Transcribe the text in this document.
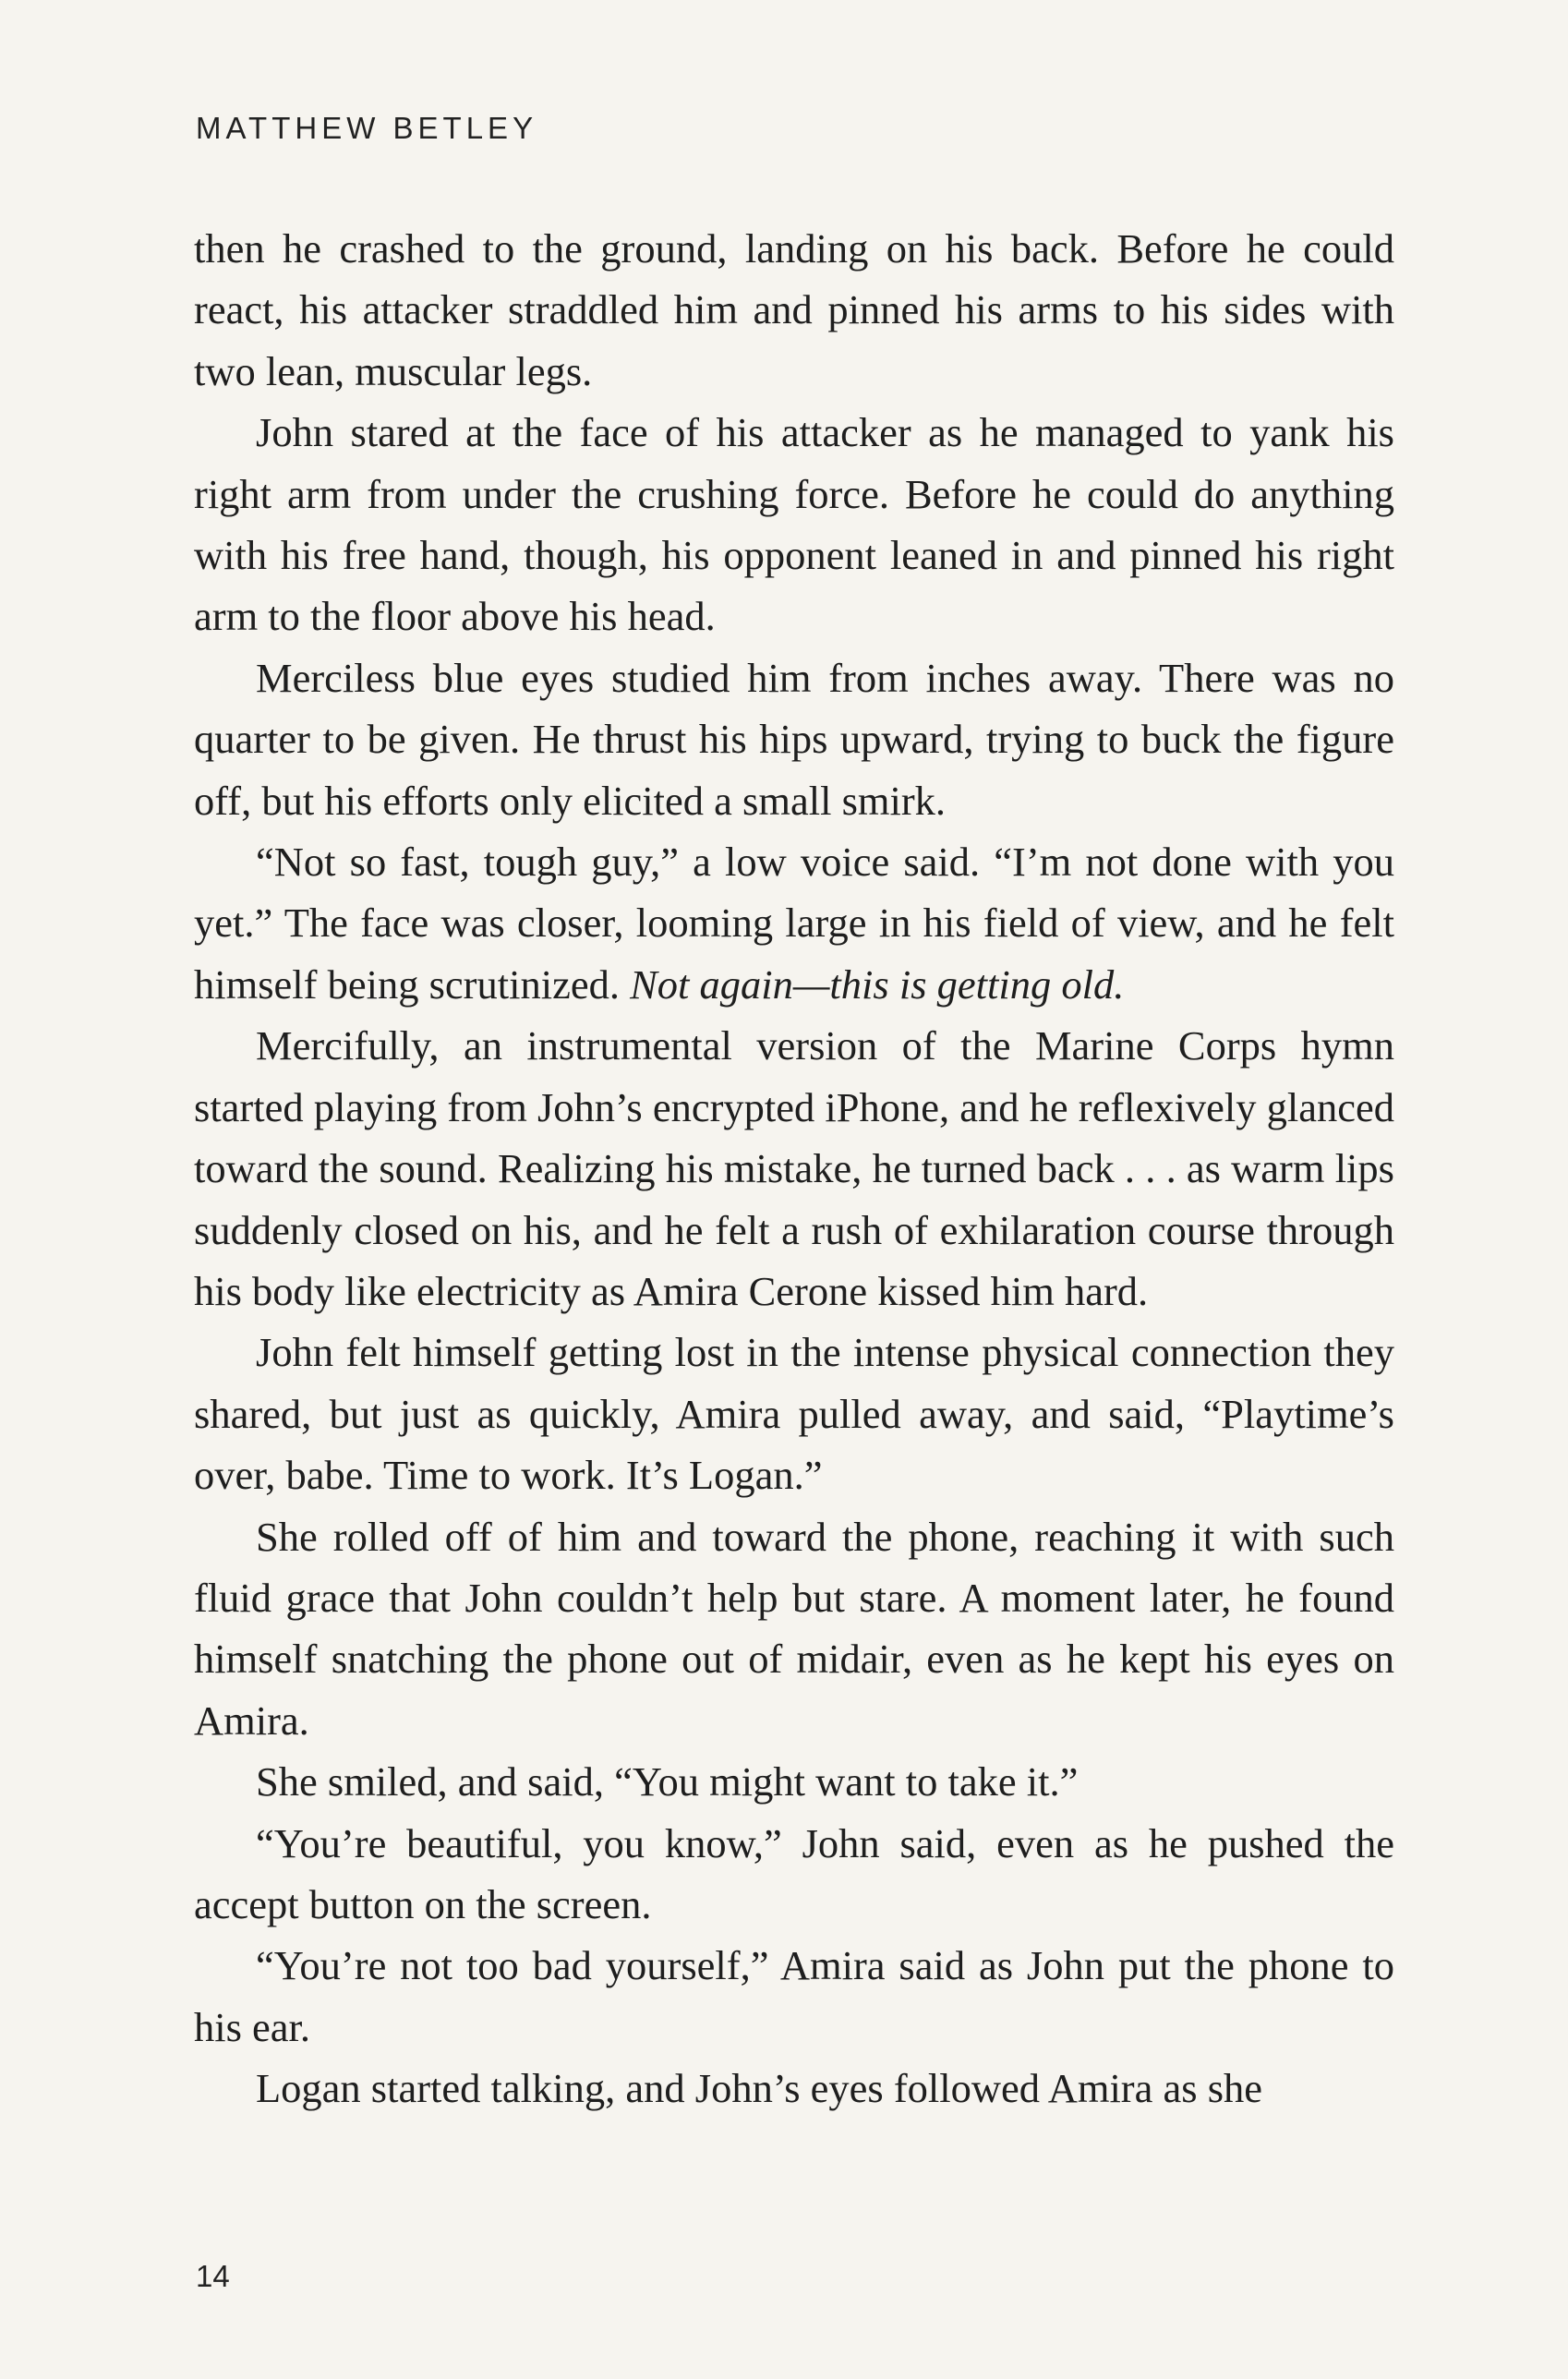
MATTHEW BETLEY

then he crashed to the ground, landing on his back. Before he could react, his attacker straddled him and pinned his arms to his sides with two lean, muscular legs.

John stared at the face of his attacker as he managed to yank his right arm from under the crushing force. Before he could do anything with his free hand, though, his opponent leaned in and pinned his right arm to the floor above his head.

Merciless blue eyes studied him from inches away. There was no quarter to be given. He thrust his hips upward, trying to buck the figure off, but his efforts only elicited a small smirk.

“Not so fast, tough guy,” a low voice said. “I’m not done with you yet.” The face was closer, looming large in his field of view, and he felt himself being scrutinized. Not again—this is getting old.

Mercifully, an instrumental version of the Marine Corps hymn started playing from John’s encrypted iPhone, and he reflexively glanced toward the sound. Realizing his mistake, he turned back . . . as warm lips suddenly closed on his, and he felt a rush of exhilaration course through his body like electricity as Amira Cerone kissed him hard.

John felt himself getting lost in the intense physical connection they shared, but just as quickly, Amira pulled away, and said, “Playtime’s over, babe. Time to work. It’s Logan.”

She rolled off of him and toward the phone, reaching it with such fluid grace that John couldn’t help but stare. A moment later, he found himself snatching the phone out of midair, even as he kept his eyes on Amira.

She smiled, and said, “You might want to take it.”

“You’re beautiful, you know,” John said, even as he pushed the accept button on the screen.

“You’re not too bad yourself,” Amira said as John put the phone to his ear.

Logan started talking, and John’s eyes followed Amira as she

14
